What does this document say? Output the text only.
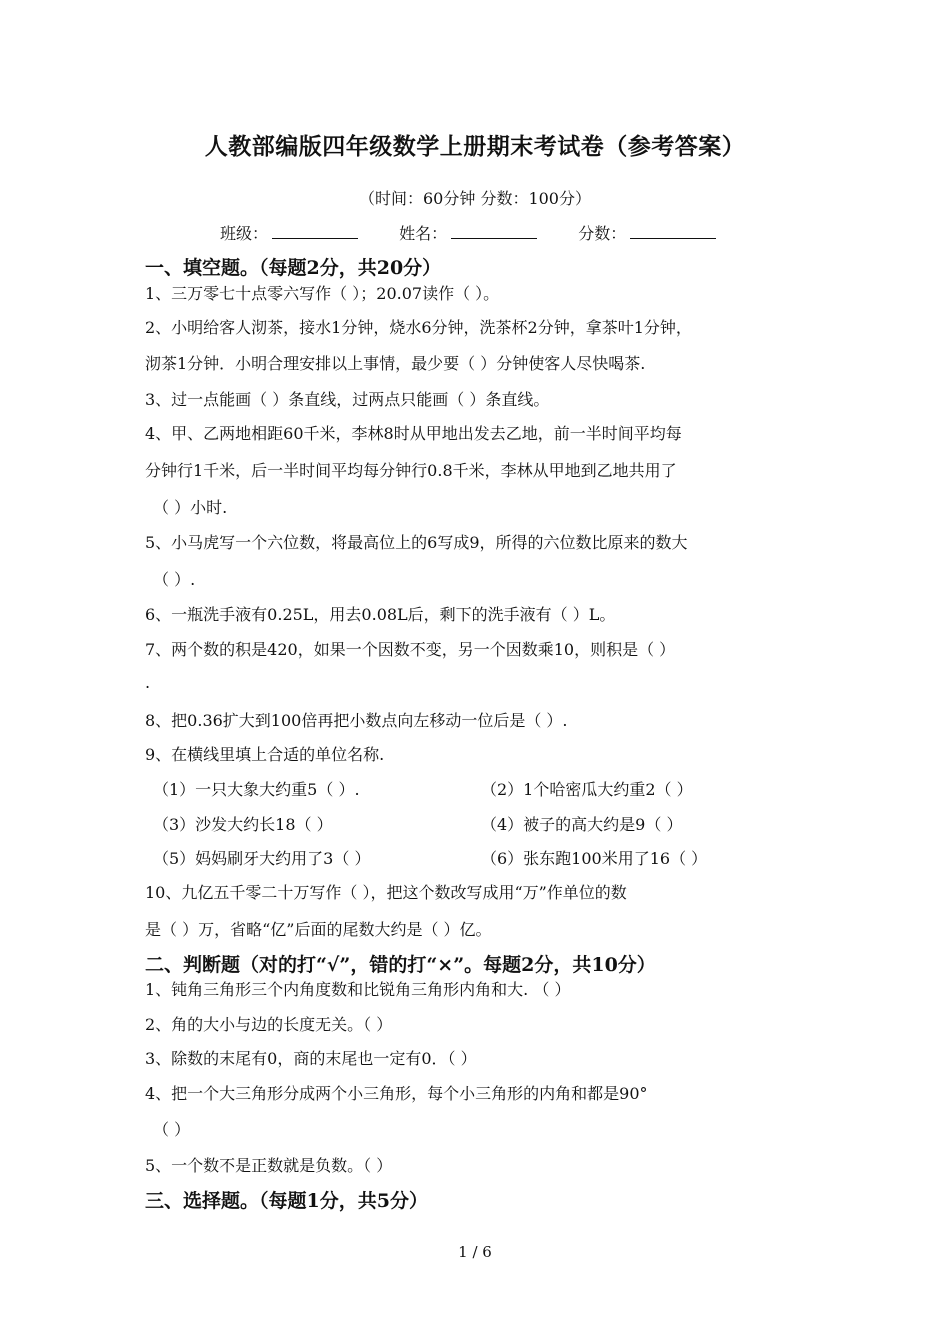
人教部编版四年级数学上册期末考试卷（参考答案）
（时间：60分钟 分数：100分）
班级：	姓名：	分数：
一、填空题。（每题2分，共20分）
1、三万零七十点零六写作（ ）；20.07读作（ ）。
2、小明给客人沏茶，接水1分钟，烧水6分钟，洗茶杯2分钟，拿茶叶1分钟，
沏茶1分钟．小明合理安排以上事情，最少要（ ）分钟使客人尽快喝茶.
3、过一点能画（ ）条直线，过两点只能画（ ）条直线。
4、甲、乙两地相距60千米，李林8时从甲地出发去乙地，前一半时间平均每
分钟行1千米，后一半时间平均每分钟行0.8千米，李林从甲地到乙地共用了
（ ）小时.
5、小马虎写一个六位数，将最高位上的6写成9，所得的六位数比原来的数大
（ ）.
6、一瓶洗手液有0.25L，用去0.08L后，剩下的洗手液有（ ）L。
7、两个数的积是420，如果一个因数不变，另一个因数乘10，则积是（ ）
.
8、把0.36扩大到100倍再把小数点向左移动一位后是（ ）.
9、在横线里填上合适的单位名称.
（1）一只大象大约重5（ ）.	（2）1个哈密瓜大约重2（ ）
（3）沙发大约长18（ ）	（4）被子的高大约是9（ ）
（5）妈妈刷牙大约用了3（ ）	（6）张东跑100米用了16（ ）
10、九亿五千零二十万写作（ ），把这个数改写成用“万”作单位的数
是（ ）万，省略“亿”后面的尾数大约是（ ）亿。
二、判断题（对的打“√”，错的打“×”。每题2分，共10分）
1、钝角三角形三个内角度数和比锐角三角形内角和大. （ ）
2、角的大小与边的长度无关。（ ）
3、除数的末尾有0，商的末尾也一定有0．（ ）
4、把一个大三角形分成两个小三角形，每个小三角形的内角和都是90°
（ ）
5、一个数不是正数就是负数。（ ）
三、选择题。（每题1分，共5分）
1 / 6
